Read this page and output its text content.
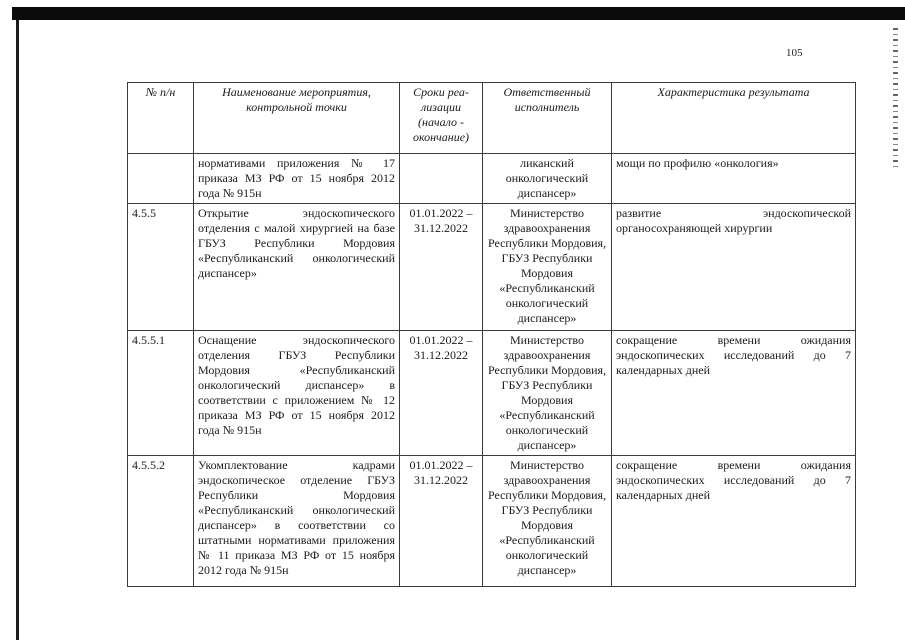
105
№ п/н	Наименование мероприятия, контрольной точки	Сроки реа-лизации (начало - окончание)	Ответственный исполнитель	Характеристика результата
	нормативами приложения № 17 приказа МЗ РФ от 15 ноября 2012 года № 915н		ликанский онкологический диспансер»	мощи по профилю «онкология»
4.5.5	Открытие эндоскопического отделения с малой хирургией на базе ГБУЗ Республики Мордовия «Республиканский онкологический диспансер»	01.01.2022 – 31.12.2022	Министерство здравоохранения Республики Мордовия, ГБУЗ Республики Мордовия «Республиканский онкологический диспансер»	развитие эндоскопической органосохраняющей хирургии
4.5.5.1	Оснащение эндоскопического отделения ГБУЗ Республики Мордовия «Республиканский онкологический диспансер» в соответствии с приложением № 12 приказа МЗ РФ от 15 ноября 2012 года № 915н	01.01.2022 – 31.12.2022	Министерство здравоохранения Республики Мордовия, ГБУЗ Республики Мордовия «Республиканский онкологический диспансер»	сокращение времени ожидания эндоскопических исследований до 7 календарных дней
4.5.5.2	Укомплектование кадрами эндоскопическое отделение ГБУЗ Республики Мордовия «Республиканский онкологический диспансер» в соответствии со штатными нормативами приложения № 11 приказа МЗ РФ от 15 ноября 2012 года № 915н	01.01.2022 – 31.12.2022	Министерство здравоохранения Республики Мордовия, ГБУЗ Республики Мордовия «Республиканский онкологический диспансер»	сокращение времени ожидания эндоскопических исследований до 7 календарных дней
